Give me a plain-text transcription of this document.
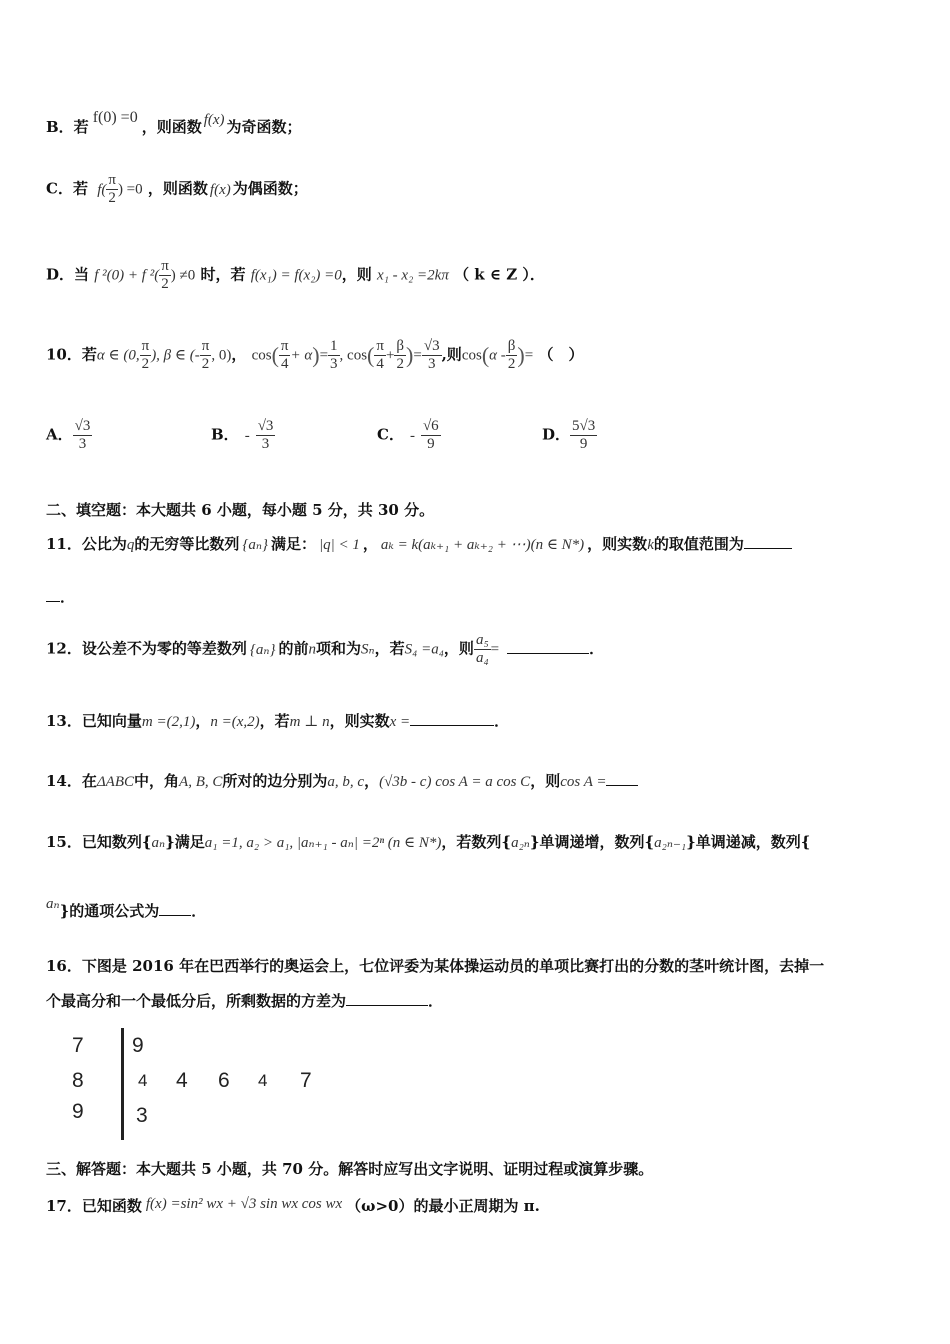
B．若f(0) =0，则函数 f(x) 为奇函数；
C．若 $f( \frac{\pi}{2}$ ) =0 ，则函数 f(x) 为偶函数；
D．当 f ²(0) + f $^2( \frac{\pi}{2}$ ) ≠0 时，若 f(x₁) = f(x₂) =0，则 x₁ - x₂ =2kπ （ k ∈ Z ）．
10．若α ∈ (0, $\frac{\pi}{2}$ ), β ∈ (- $\frac{\pi}{2}$ , 0)， $\cos( \frac{\pi}{4} + \alpha)= \frac{1}{3}$ , $\cos( \frac{\pi}{4} + \frac{\beta}{2}$ )= $\frac{√3}{3}$ ,则$\cos(\alpha - \frac{\beta}{2}$ )= （　）
A． $\frac{√3}{3}$	B． - $\frac{√3}{3}$	C． - $\frac{√6}{9}$	D． $\frac{5√3}{9}$
二、填空题：本大题共 6 小题，每小题 5 分，共 30 分。
11．公比为q的无穷等比数列 {aₙ} 满足： |q| < 1 ， aₖ = k(aₖ₊₁ + aₖ₊₂ + ⋯)(n ∈ N*) ，则实数k的取值范围为
．
12．设公差不为零的等差数列 {aₙ} 的前n项和为Sₙ，若S₄ =a₄，则 $\frac{\text{a₅}}{\text{a₄}}$ =	．
13．已知向量m =(2,1)，n =(x,2)，若m ⊥ n，则实数x =	．
14．在ΔABC中，角A, B, C所对的边分别为a, b, c，(√3b - c) cos A = a cos C，则cos A =
15．已知数列{aₙ}满足a₁ =1, a₂ > a₁, |aₙ₊₁ - aₙ| =2ⁿ (n ∈ N*)，若数列{a₂ₙ}单调递增，数列{a₂ₙ₋₁}单调递减，数列{
aₙ}的通项公式为 ．
16．下图是 2016 年在巴西举行的奥运会上，七位评委为某体操运动员的单项比赛打出的分数的茎叶统计图，去掉一
个最高分和一个最低分后，所剩数据的方差为	．
7 9
8	4 4 6 4 7
9 3
三、解答题：本大题共 5 小题，共 70 分。解答时应写出文字说明、证明过程或演算步骤。
17．已知函数 f(x) =sin² wx + √3 sin wx cos wx （ω>0）的最小正周期为 π.
